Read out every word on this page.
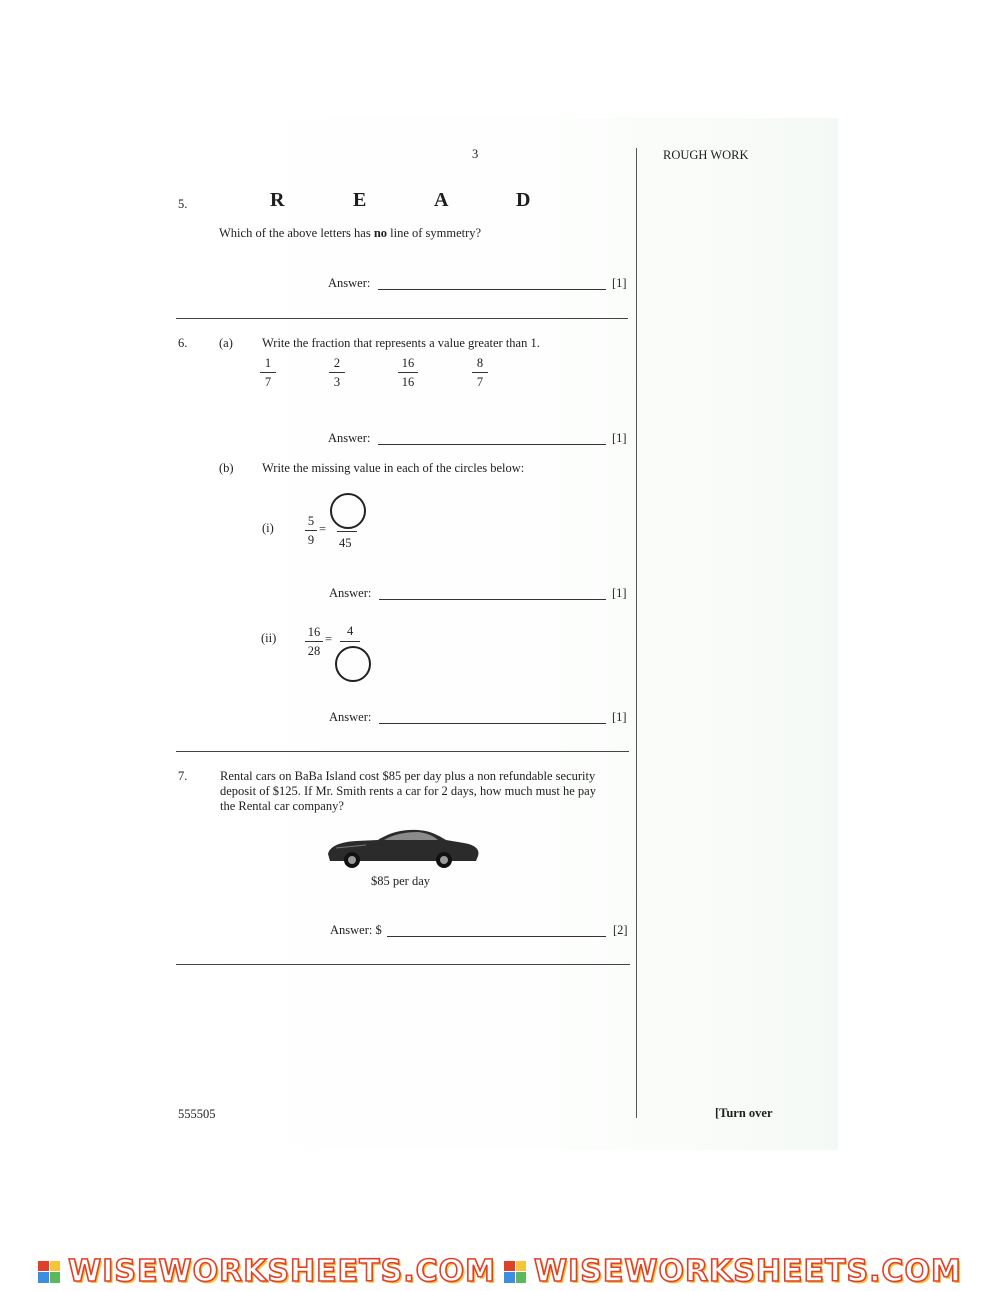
3	ROUGH WORK
5.	R	E	A	D
Which of the above letters has no line of symmetry?
Answer:	[1]
6.	(a) Write the fraction that represents a value greater than 1.
1
7
2
3
16
16
8
7
Answer:	[1]
(b) Write the missing value in each of the circles below:
(i)	5
9
=
45
Answer:	[1]
(ii)	16
28
=
4
Answer:	[1]
7.	Rental cars on BaBa Island cost $85 per day plus a non refundable security
deposit of $125. If Mr. Smith rents a car for 2 days, how much must he pay
the Rental car company?
$85 per day
Answer: $	[2]
555505	[Turn over
WISEWORKSHEETS.COM WISEWORKSHEETS.COM
